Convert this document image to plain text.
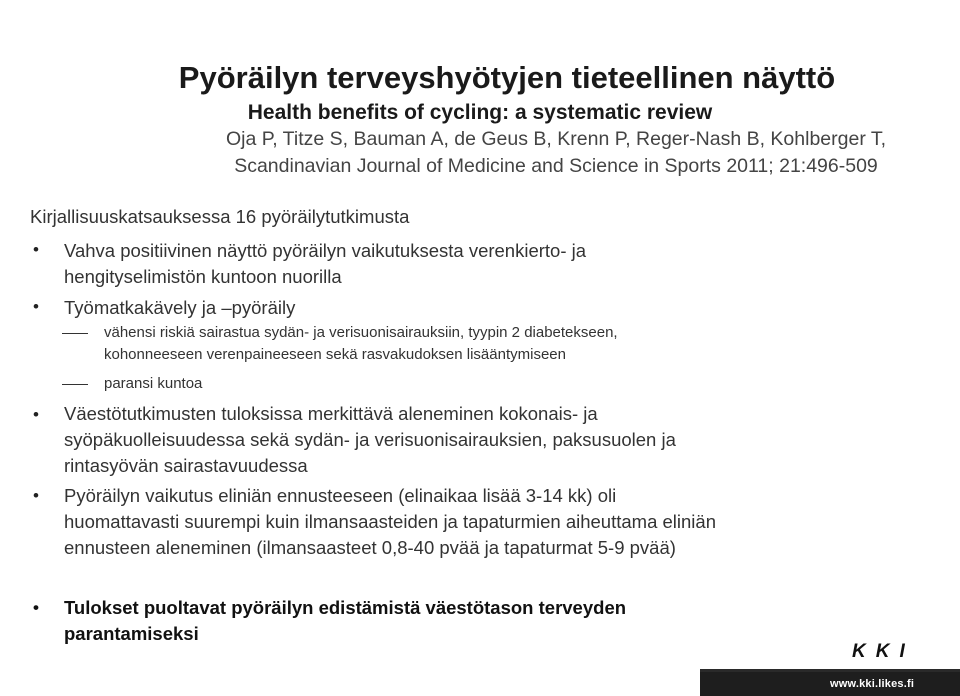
Pyöräilyn terveyshyötyjen tieteellinen näyttö
Health benefits of cycling: a systematic review
Oja P, Titze S, Bauman A, de Geus B, Krenn P, Reger-Nash B, Kohlberger T,
Scandinavian Journal of Medicine and Science in Sports 2011; 21:496-509
Kirjallisuuskatsauksessa 16 pyöräilytutkimusta
• Vahva positiivinen näyttö pyöräilyn vaikutuksesta verenkierto- ja
hengityselimistön kuntoon nuorilla
• Työmatkakävely ja –pyöräily
vähensi riskiä sairastua sydän- ja verisuonisairauksiin, tyypin 2 diabetekseen,
kohonneeseen verenpaineeseen sekä rasvakudoksen lisääntymiseen
paransi kuntoa
• Väestötutkimusten tuloksissa merkittävä aleneminen kokonais- ja
syöpäkuolleisuudessa sekä sydän- ja verisuonisairauksien, paksusuolen ja
rintasyövän sairastavuudessa
• Pyöräilyn vaikutus eliniän ennusteeseen (elinaikaa lisää 3-14 kk) oli
huomattavasti suurempi kuin ilmansaasteiden ja tapaturmien aiheuttama eliniän
ennusteen aleneminen (ilmansaasteet 0,8-40 pvää ja tapaturmat 5-9 pvää)
• Tulokset puoltavat pyöräilyn edistämistä väestötason terveyden
parantamiseksi
KKI
www.kki.likes.fi
